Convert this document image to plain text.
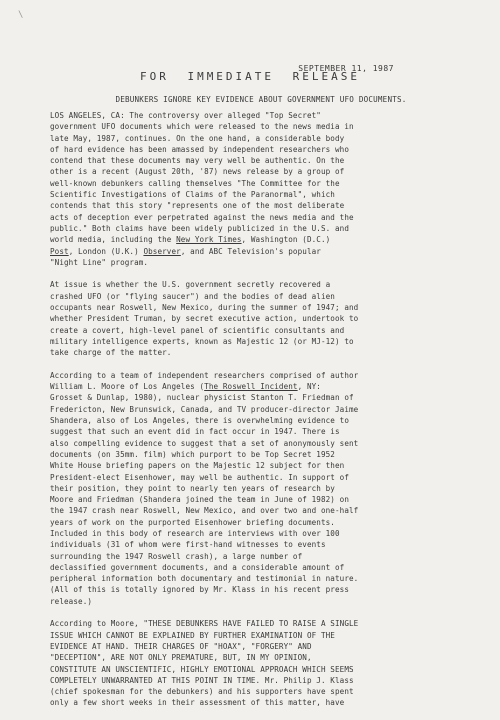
\
SEPTEMBER 11, 1987
FOR IMMEDIATE RELEASE
DEBUNKERS IGNORE KEY EVIDENCE ABOUT GOVERNMENT UFO DOCUMENTS.

LOS ANGELES, CA: The controversy over alleged "Top Secret"
government UFO documents which were released to the news media in
late May, 1987, continues. On the one hand, a considerable body
of hard evidence has been amassed by independent researchers who
contend that these documents may very well be authentic. On the
other is a recent (August 20th, '87) news release by a group of
well-known debunkers calling themselves "The Committee for the
Scientific Investigations of Claims of the Paranormal", which
contends that this story "represents one of the most deliberate
acts of deception ever perpetrated against the news media and the
public." Both claims have been widely publicized in the U.S. and
world media, including the New York Times, Washington (D.C.)
Post, London (U.K.) Observer, and ABC Television's popular
"Night Line" program.

At issue is whether the U.S. government secretly recovered a
crashed UFO (or "flying saucer") and the bodies of dead alien
occupants near Roswell, New Mexico, during the summer of 1947; and
whether President Truman, by secret executive action, undertook to
create a covert, high-level panel of scientific consultants and
military intelligence experts, known as Majestic 12 (or MJ-12) to
take charge of the matter.

According to a team of independent researchers comprised of author
William L. Moore of Los Angeles (The Roswell Incident, NY:
Grosset & Dunlap, 1980), nuclear physicist Stanton T. Friedman of
Fredericton, New Brunswick, Canada, and TV producer-director Jaime
Shandera, also of Los Angeles, there is overwhelming evidence to
suggest that such an event did in fact occur in 1947. There is
also compelling evidence to suggest that a set of anonymously sent
documents (on 35mm. film) which purport to be Top Secret 1952
White House briefing papers on the Majestic 12 subject for then
President-elect Eisenhower, may well be authentic. In support of
their position, they point to nearly ten years of research by
Moore and Friedman (Shandera joined the team in June of 1982) on
the 1947 crash near Roswell, New Mexico, and over two and one-half
years of work on the purported Eisenhower briefing documents.
Included in this body of research are interviews with over 100
individuals (31 of whom were first-hand witnesses to events
surrounding the 1947 Roswell crash), a large number of
declassified government documents, and a considerable amount of
peripheral information both documentary and testimonial in nature.
(All of this is totally ignored by Mr. Klass in his recent press
release.)

According to Moore, "THESE DEBUNKERS HAVE FAILED TO RAISE A SINGLE
ISSUE WHICH CANNOT BE EXPLAINED BY FURTHER EXAMINATION OF THE
EVIDENCE AT HAND. THEIR CHARGES OF "HOAX", "FORGERY" AND
"DECEPTION", ARE NOT ONLY PREMATURE, BUT, IN MY OPINION,
CONSTITUTE AN UNSCIENTIFIC, HIGHLY EMOTIONAL APPROACH WHICH SEEMS
COMPLETELY UNWARRANTED AT THIS POINT IN TIME. Mr. Philip J. Klass
(chief spokesman for the debunkers) and his supporters have spent
only a few short weeks in their assessment of this matter, have
